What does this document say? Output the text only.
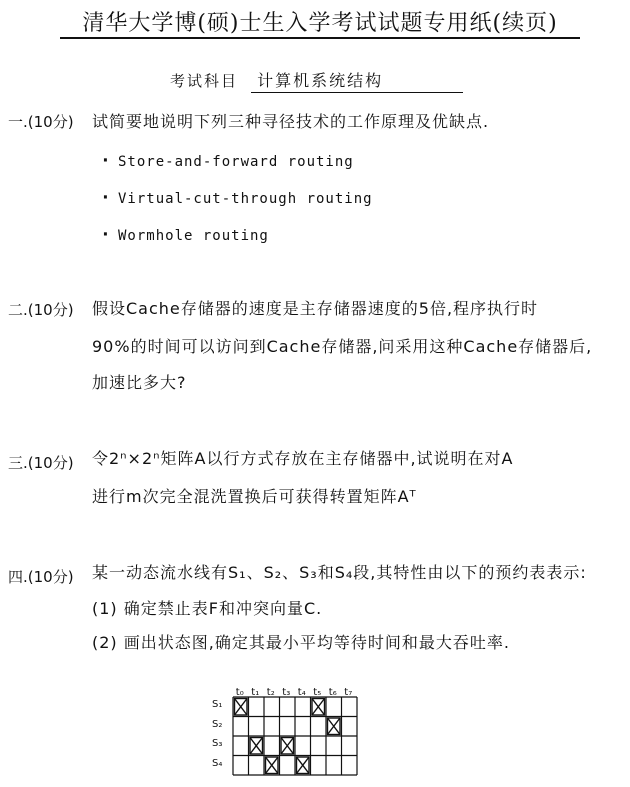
清华大学博(硕)士生入学考试试题专用纸(续页)
考试科目 计算机系统结构
一.(10分) 试简要地说明下列三种寻径技术的工作原理及优缺点.
·Store-and-forward routing
·Virtual-cut-through routing
·Wormhole routing
二.(10分) 假设Cache存储器的速度是主存储器速度的5倍,程序执行时
90%的时间可以访问到Cache存储器,问采用这种Cache存储器后,
加速比多大?
三.(10分) 令2ⁿ×2ⁿ矩阵A以行方式存放在主存储器中,试说明在对A
进行m次完全混洗置换后可获得转置矩阵Aᵀ
四.(10分) 某一动态流水线有S₁、S₂、S₃和S₄段,其特性由以下的预约表表示:
(1) 确定禁止表F和冲突向量C.
(2) 画出状态图,确定其最小平均等待时间和最大吞吐率.
t₀ t₁ t₂ t₃ t₄ t₅ t₆ t₇
S₁
S₂
S₃
S₄
